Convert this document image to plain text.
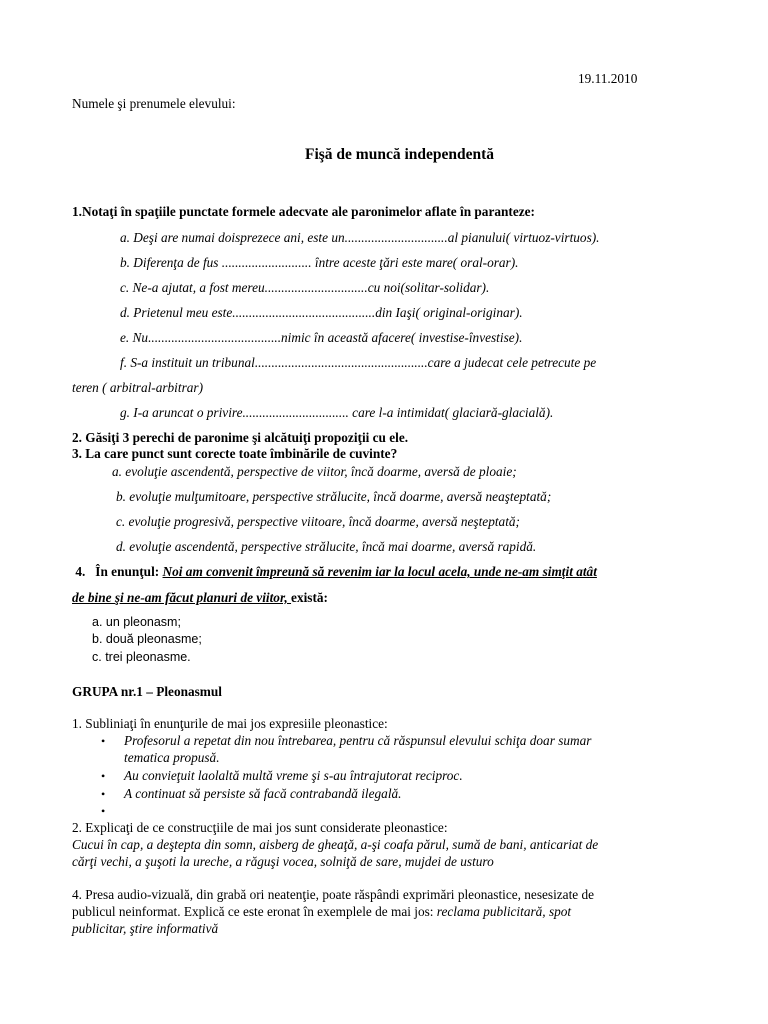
19.11.2010
Numele şi prenumele elevului:
Fişă de muncă independentă
1.Notaţi în spaţiile punctate formele adecvate ale paronimelor aflate în paranteze:
a. Deşi are numai doisprezece ani, este un...............................al pianului( virtuoz-virtuos).
b. Diferenţa de fus ........................... între aceste ţări este mare( oral-orar).
c. Ne-a ajutat, a fost mereu...............................cu noi(solitar-solidar).
d. Prietenul meu este...........................................din Iaşi( original-originar).
e. Nu........................................nimic în această afacere( investise-învestise).
f. S-a instituit un tribunal....................................................care a judecat cele petrecute pe
teren ( arbitral-arbitrar)
g. I-a aruncat o privire................................ care l-a intimidat( glaciară-glacială).
2. Găsiţi 3 perechi de paronime şi alcătuiţi propoziţii cu ele.
3. La care punct sunt corecte toate îmbinările de cuvinte?
a. evoluţie ascendentă, perspective de viitor, încă doarme, aversă de ploaie;
b. evoluţie mulţumitoare, perspective strălucite, încă doarme, aversă neaşteptată;
c. evoluţie progresivă, perspective viitoare, încă doarme, aversă neşteptată;
d. evoluţie ascendentă, perspective strălucite, încă mai doarme, aversă rapidă.
4.   În enunţul: Noi am convenit împreună să revenim iar la locul acela, unde ne-am simţit atât
de bine şi ne-am făcut planuri de viitor, există:
a. un pleonasm;
b. două pleonasme;
c. trei pleonasme.
GRUPA nr.1 – Pleonasmul
1. Subliniaţi în enunţurile de mai jos expresiile pleonastice:
• Profesorul a repetat din nou întrebarea, pentru că răspunsul elevului schiţa doar sumar
tematica propusă.
• Au convieţuit laolaltă multă vreme şi s-au întrajutorat reciproc.
• A continuat să persiste să facă contrabandă ilegală.
•
2. Explicaţi de ce construcţiile de mai jos sunt considerate pleonastice:
Cucui în cap, a deştepta din somn, aisberg de gheaţă, a-şi coafa părul, sumă de bani, anticariat de
cărţi vechi, a şuşoti la ureche, a răguşi vocea, solniţă de sare, mujdei de usturo
4. Presa audio-vizuală, din grabă ori neatenţie, poate răspândi exprimări pleonastice, nesesizate de
publicul neinformat. Explică ce este eronat în exemplele de mai jos: reclama publicitară, spot
publicitar, ştire informativă
